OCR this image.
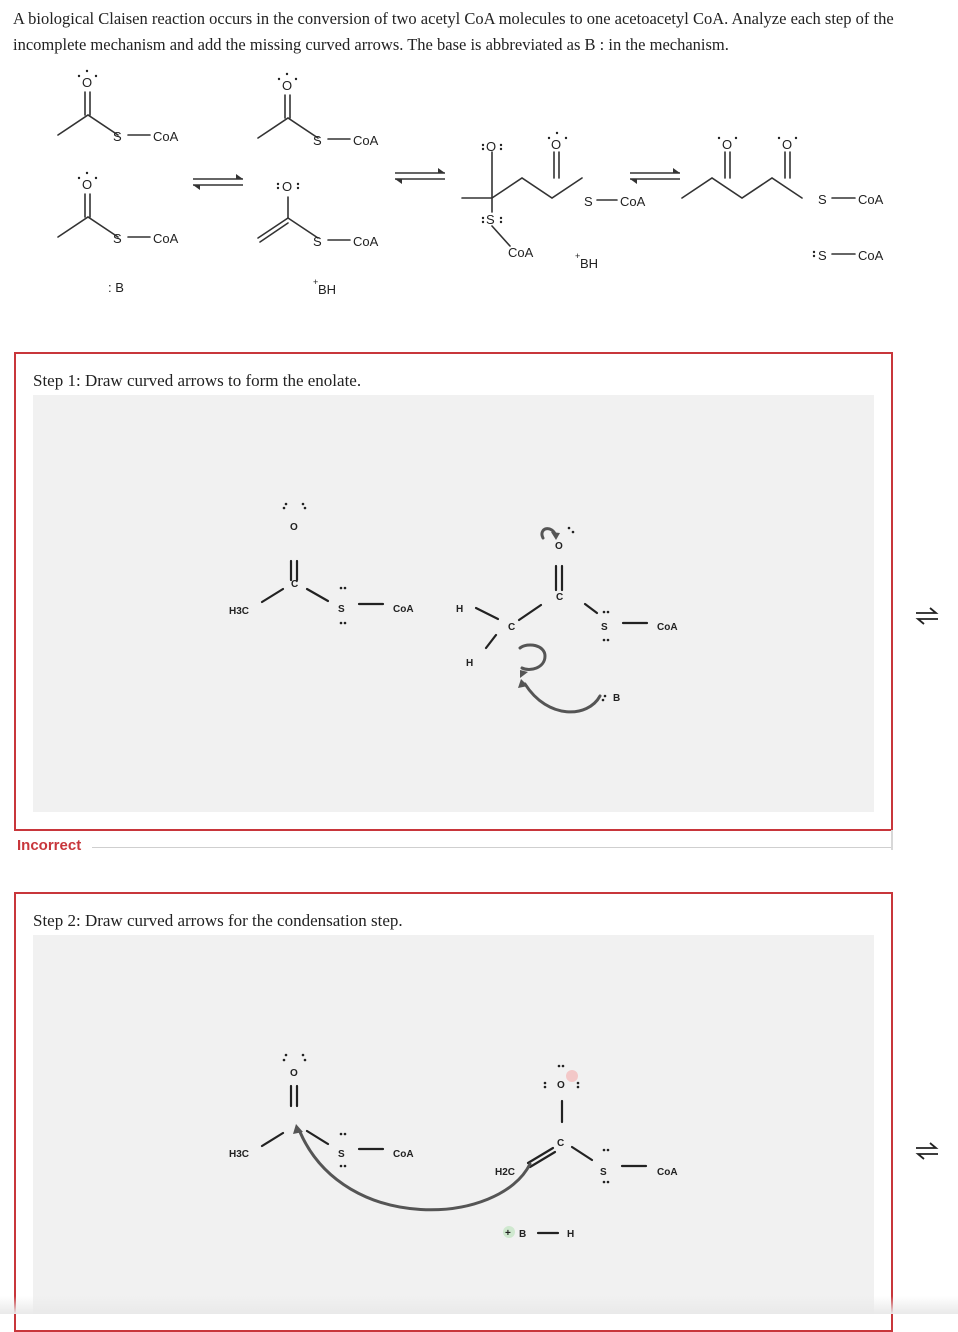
A biological Claisen reaction occurs in the conversion of two acetyl CoA molecules to one acetoacetyl CoA. Analyze each step of the incomplete mechanism and add the missing curved arrows. The base is abbreviated as B : in the mechanism.
O
S CoA
O
S CoA
: B
O
S CoA
O
S CoA
BH
+
O
S
CoA
O
S CoA
BH
+
O	O
S CoA
S CoA
Step 1: Draw curved arrows to form the enolate.
H3C
C
O
S	CoA	H
C
H
C
O
S	CoA
B
Incorrect
Step 2: Draw curved arrows for the condensation step.
H3C
O
S	CoA
O
C
H2C	S	CoA
B	H
+
